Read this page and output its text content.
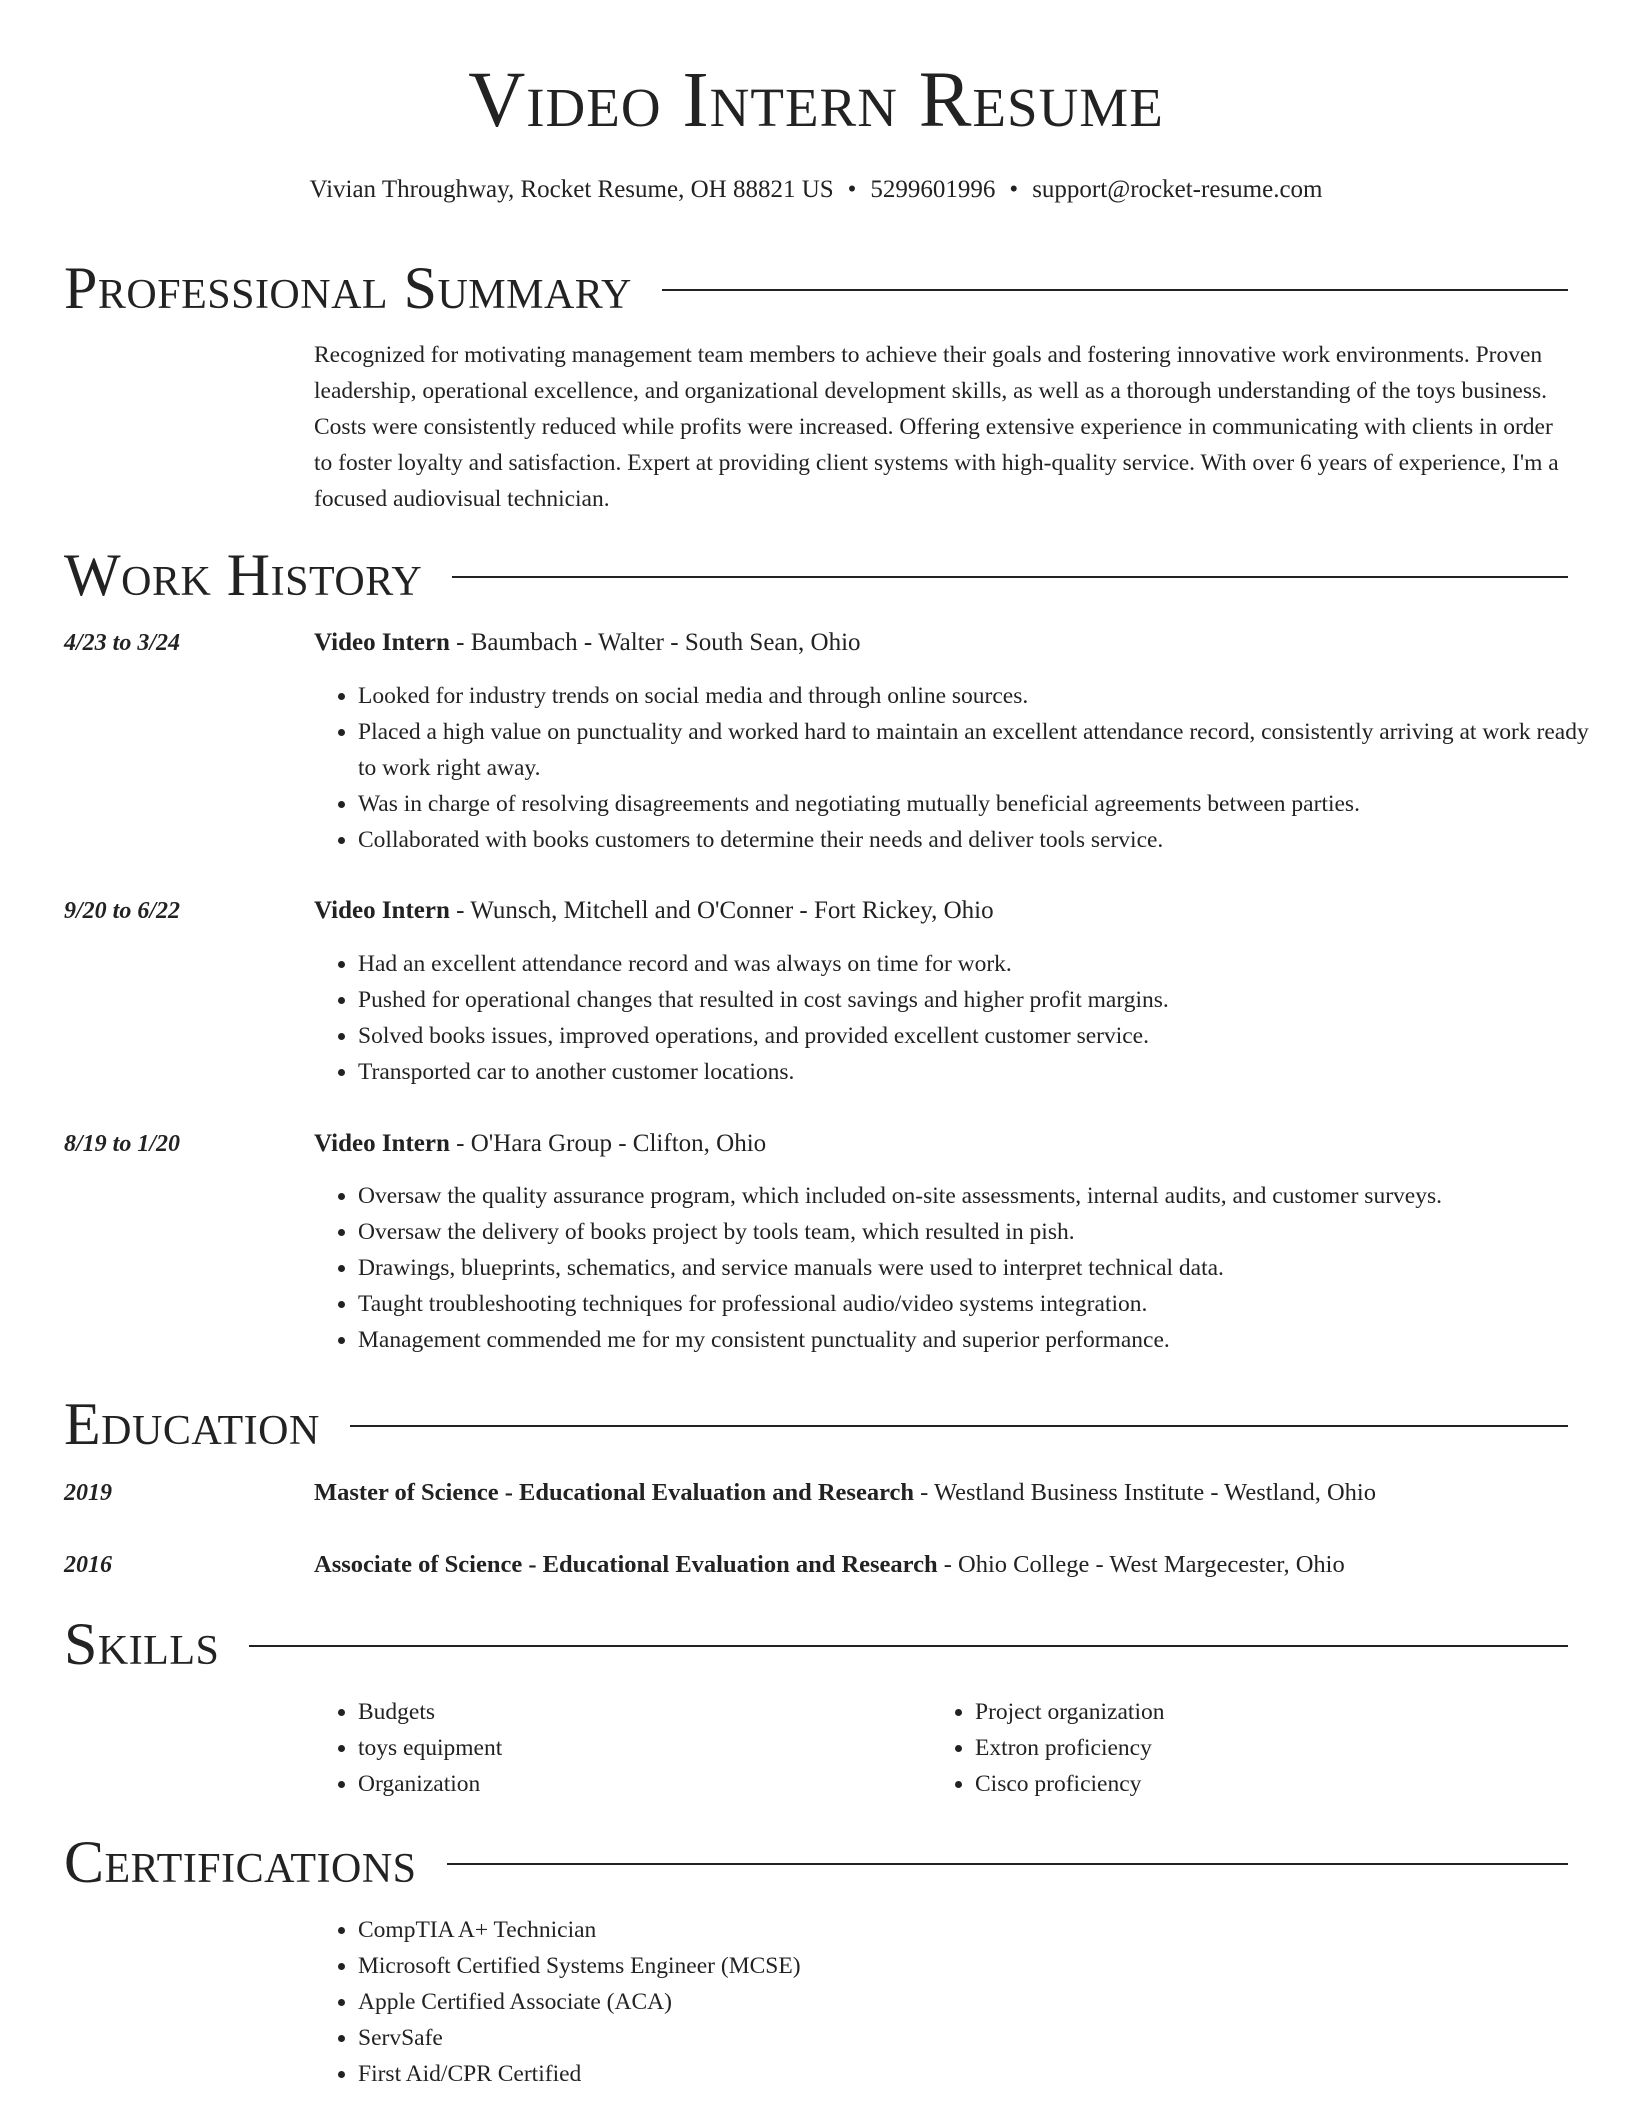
Video Intern Resume
Vivian Throughway, Rocket Resume, OH 88821 US • 5299601996 • support@rocket-resume.com
Professional Summary

Recognized for motivating management team members to achieve their goals and fostering innovative work environments. Proven leadership, operational excellence, and organizational development skills, as well as a thorough understanding of the toys business. Costs were consistently reduced while profits were increased. Offering extensive experience in communicating with clients in order to foster loyalty and satisfaction. Expert at providing client systems with high-quality service. With over 6 years of experience, I'm a focused audiovisual technician.

Work History
4/23 to 3/24	Video Intern - Baumbach - Walter - South Sean, Ohio
• Looked for industry trends on social media and through online sources.
• Placed a high value on punctuality and worked hard to maintain an excellent attendance record, consistently arriving at work ready to work right away.
• Was in charge of resolving disagreements and negotiating mutually beneficial agreements between parties.
• Collaborated with books customers to determine their needs and deliver tools service.
9/20 to 6/22	Video Intern - Wunsch, Mitchell and O'Conner - Fort Rickey, Ohio
• Had an excellent attendance record and was always on time for work.
• Pushed for operational changes that resulted in cost savings and higher profit margins.
• Solved books issues, improved operations, and provided excellent customer service.
• Transported car to another customer locations.
8/19 to 1/20	Video Intern - O'Hara Group - Clifton, Ohio
• Oversaw the quality assurance program, which included on-site assessments, internal audits, and customer surveys.
• Oversaw the delivery of books project by tools team, which resulted in pish.
• Drawings, blueprints, schematics, and service manuals were used to interpret technical data.
• Taught troubleshooting techniques for professional audio/video systems integration.
• Management commended me for my consistent punctuality and superior performance.
Education
2019	Master of Science - Educational Evaluation and Research - Westland Business Institute - Westland, Ohio
2016	Associate of Science - Educational Evaluation and Research - Ohio College - West Margecester, Ohio
Skills
• Budgets
• toys equipment
• Organization
• Project organization
• Extron proficiency
• Cisco proficiency
Certifications
• CompTIA A+ Technician
• Microsoft Certified Systems Engineer (MCSE)
• Apple Certified Associate (ACA)
• ServSafe
• First Aid/CPR Certified
